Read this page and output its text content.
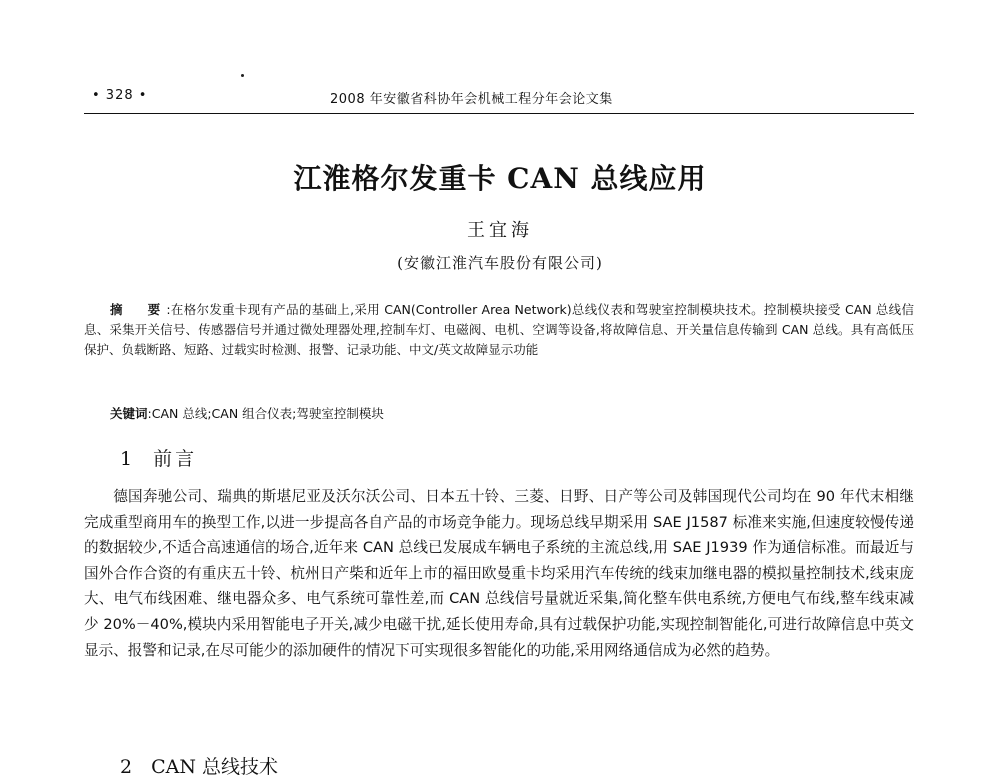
• 328 •	2008 年安徽省科协年会机械工程分年会论文集
江淮格尔发重卡 CAN 总线应用
王宜海
(安徽江淮汽车股份有限公司)
摘　要:在格尔发重卡现有产品的基础上,采用 CAN(Controller Area Network)总线仪表和驾驶室控制模块技术。控制模块接受 CAN 总线信息、采集开关信号、传感器信号并通过微处理器处理,控制车灯、电磁阀、电机、空调等设备,将故障信息、开关量信息传输到 CAN 总线。具有高低压保护、负载断路、短路、过载实时检测、报警、记录功能、中文/英文故障显示功能
关键词:CAN 总线;CAN 组合仪表;驾驶室控制模块
1 前言
德国奔驰公司、瑞典的斯堪尼亚及沃尔沃公司、日本五十铃、三菱、日野、日产等公司及韩国现代公司均在 90 年代末相继完成重型商用车的换型工作,以进一步提高各自产品的市场竞争能力。现场总线早期采用 SAE J1587 标准来实施,但速度较慢传递的数据较少,不适合高速通信的场合,近年来 CAN 总线已发展成车辆电子系统的主流总线,用 SAE J1939 作为通信标准。而最近与国外合作合资的有重庆五十铃、杭州日产柴和近年上市的福田欧曼重卡均采用汽车传统的线束加继电器的模拟量控制技术,线束庞大、电气布线困难、继电器众多、电气系统可靠性差,而 CAN 总线信号量就近采集,简化整车供电系统,方便电气布线,整车线束减少 20%－40%,模块内采用智能电子开关,减少电磁干扰,延长使用寿命,具有过载保护功能,实现控制智能化,可进行故障信息中英文显示、报警和记录,在尽可能少的添加硬件的情况下可实现很多智能化的功能,采用网络通信成为必然的趋势。
2　CAN 总线技术
